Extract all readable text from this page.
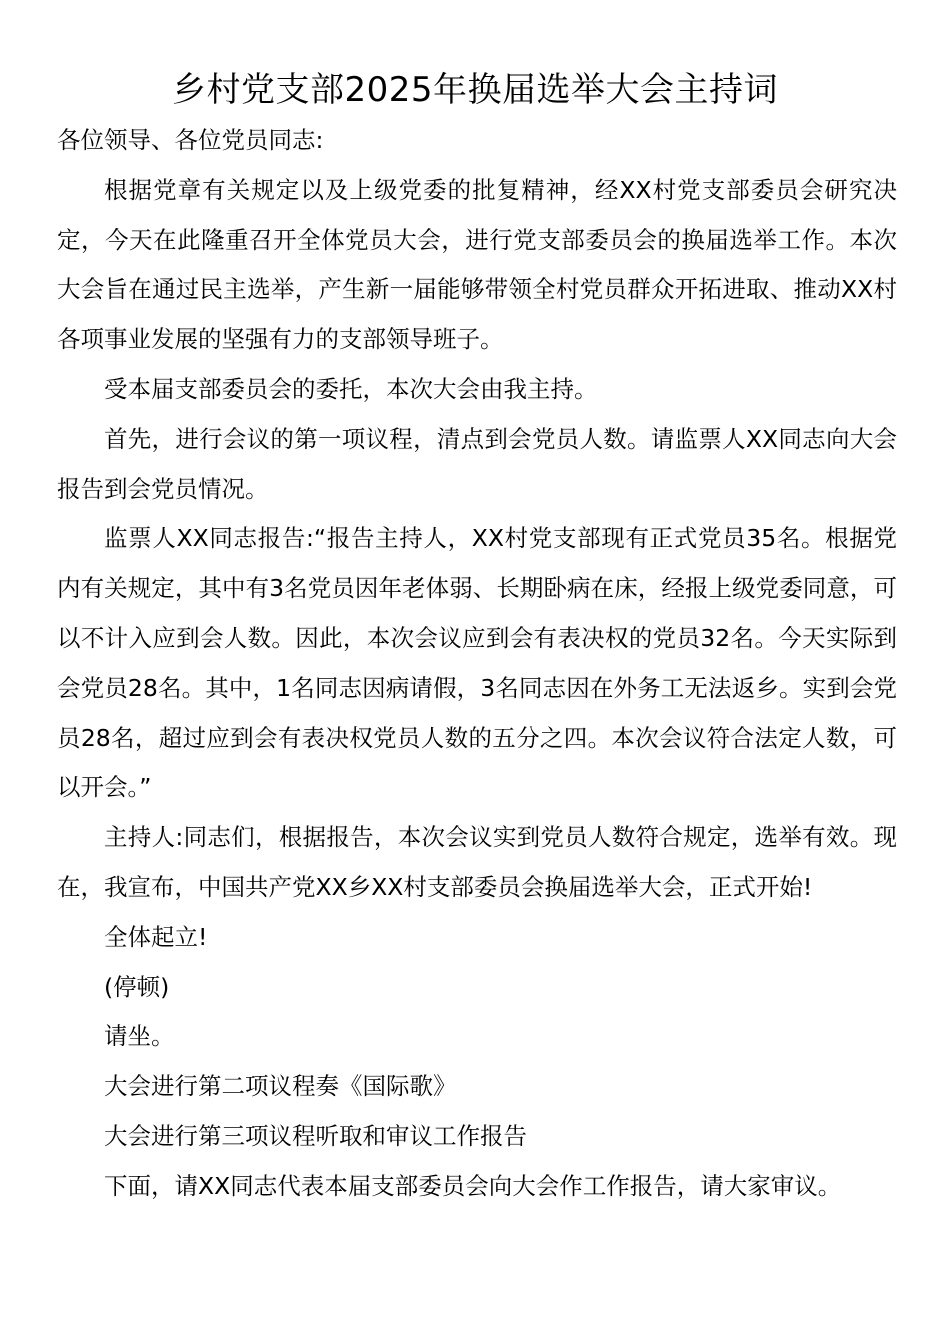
乡村党支部2025年换届选举大会主持词

各位领导、各位党员同志:

根据党章有关规定以及上级党委的批复精神，经XX村党支部委员会研究决定，今天在此隆重召开全体党员大会，进行党支部委员会的换届选举工作。本次大会旨在通过民主选举，产生新一届能够带领全村党员群众开拓进取、推动XX村各项事业发展的坚强有力的支部领导班子。

受本届支部委员会的委托，本次大会由我主持。

首先，进行会议的第一项议程，清点到会党员人数。请监票人XX同志向大会报告到会党员情况。

监票人XX同志报告:“报告主持人，XX村党支部现有正式党员35名。根据党内有关规定，其中有3名党员因年老体弱、长期卧病在床，经报上级党委同意，可以不计入应到会人数。因此，本次会议应到会有表决权的党员32名。今天实际到会党员28名。其中，1名同志因病请假，3名同志因在外务工无法返乡。实到会党员28名，超过应到会有表决权党员人数的五分之四。本次会议符合法定人数，可以开会。”

主持人:同志们，根据报告，本次会议实到党员人数符合规定，选举有效。现在，我宣布，中国共产党XX乡XX村支部委员会换届选举大会，正式开始!

全体起立!

(停顿)

请坐。

大会进行第二项议程奏《国际歌》

大会进行第三项议程听取和审议工作报告

下面，请XX同志代表本届支部委员会向大会作工作报告，请大家审议。
